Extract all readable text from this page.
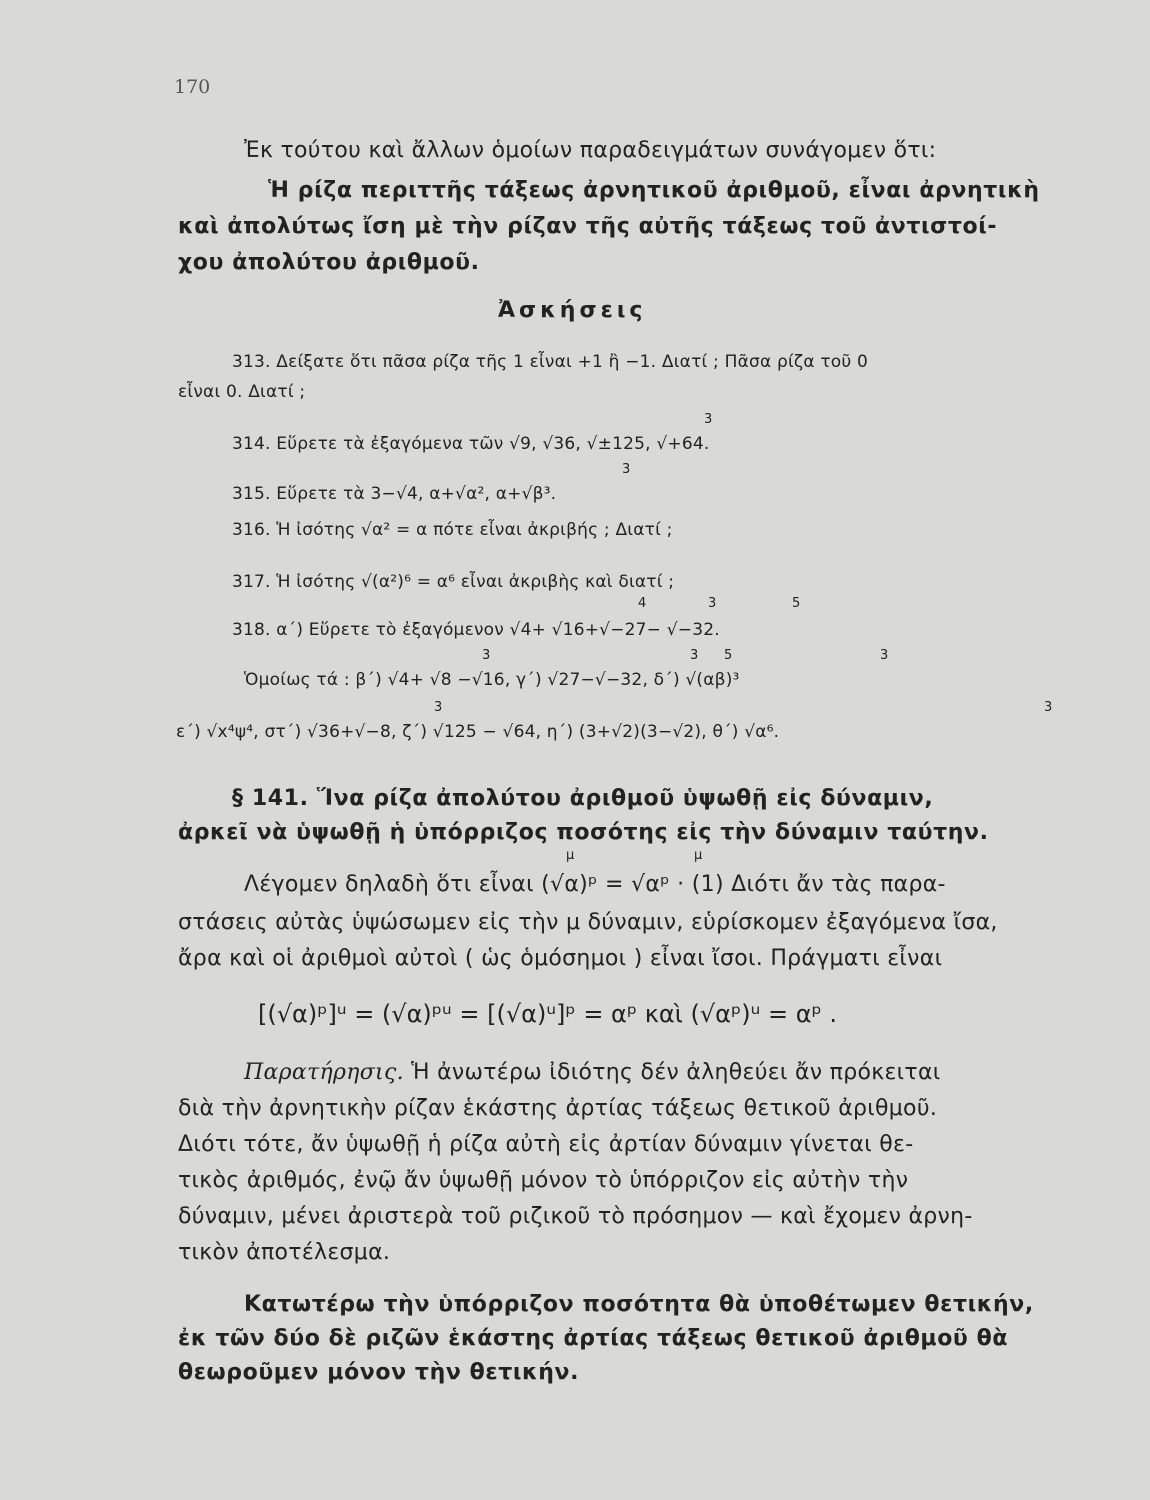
170
Ἐκ τούτου καὶ ἄλλων ὁμοίων παραδειγμάτων συνάγομεν ὅτι:
Ἡ ρίζα περιττῆς τάξεως ἀρνητικοῦ ἀριθμοῦ, εἶναι ἀρνητικὴ
καὶ ἀπολύτως ἴση μὲ τὴν ρίζαν τῆς αὐτῆς τάξεως τοῦ ἀντιστοί-
χου ἀπολύτου ἀριθμοῦ.
Ἀσκήσεις
313. Δείξατε ὅτι πᾶσα ρίζα τῆς 1 εἶναι +1 ἢ −1. Διατί ; Πᾶσα ρίζα τοῦ 0
εἶναι 0. Διατί ;
3
314. Εὕρετε τὰ ἐξαγόμενα τῶν √9, √36, √±125, √+64.
3
315. Εὕρετε τὰ 3−√4, α+√α², α+√β³.
316. Ἡ ἰσότης √α² = α πότε εἶναι ἀκριβής ; Διατί ;
317. Ἡ ἰσότης √(α²)⁶ = α⁶ εἶναι ἀκριβὴς καὶ διατί ;
4	3	5
318. α΄) Εὕρετε τὸ ἐξαγόμενον √4+ √16+√−27− √−32.
3	3 5	3
Ὁμοίως τά : β΄) √4+ √8 −√16, γ΄) √27−√−32, δ΄) √(αβ)³
3	3
ε΄) √x⁴ψ⁴, στ΄) √36+√−8, ζ΄) √125 − √64, η΄) (3+√2)(3−√2), θ΄) √α⁶.
§ 141. Ἵνα ρίζα ἀπολύτου ἀριθμοῦ ὑψωθῇ εἰς δύναμιν,
ἀρκεῖ νὰ ὑψωθῇ ἡ ὑπόρριζος ποσότης εἰς τὴν δύναμιν ταύτην.
μ	μ
Λέγομεν δηλαδὴ ὅτι εἶναι (√α)ᵖ = √αᵖ · (1) Διότι ἄν τὰς παρα-
στάσεις αὐτὰς ὑψώσωμεν εἰς τὴν μ δύναμιν, εὑρίσκομεν ἐξαγόμενα ἴσα,
ἄρα καὶ οἱ ἀριθμοὶ αὐτοὶ ( ὡς ὁμόσημοι ) εἶναι ἴσοι. Πράγματι εἶναι
[(√α)ᵖ]ᵘ = (√α)ᵖᵘ = [(√α)ᵘ]ᵖ = αᵖ καὶ (√αᵖ)ᵘ = αᵖ .
Παρατήρησις. Ἡ ἀνωτέρω ἰδιότης δέν ἀληθεύει ἄν πρόκειται
διὰ τὴν ἀρνητικὴν ρίζαν ἑκάστης ἀρτίας τάξεως θετικοῦ ἀριθμοῦ.
Διότι τότε, ἄν ὑψωθῇ ἡ ρίζα αὐτὴ εἰς ἀρτίαν δύναμιν γίνεται θε-
τικὸς ἀριθμός, ἐνῷ ἄν ὑψωθῇ μόνον τὸ ὑπόρριζον εἰς αὐτὴν τὴν
δύναμιν, μένει ἀριστερὰ τοῦ ριζικοῦ τὸ πρόσημον — καὶ ἔχομεν ἀρνη-
τικὸν ἀποτέλεσμα.
Κατωτέρω τὴν ὑπόρριζον ποσότητα θὰ ὑποθέτωμεν θετικήν,
ἐκ τῶν δύο δὲ ριζῶν ἑκάστης ἀρτίας τάξεως θετικοῦ ἀριθμοῦ θὰ
θεωροῦμεν μόνον τὴν θετικήν.
